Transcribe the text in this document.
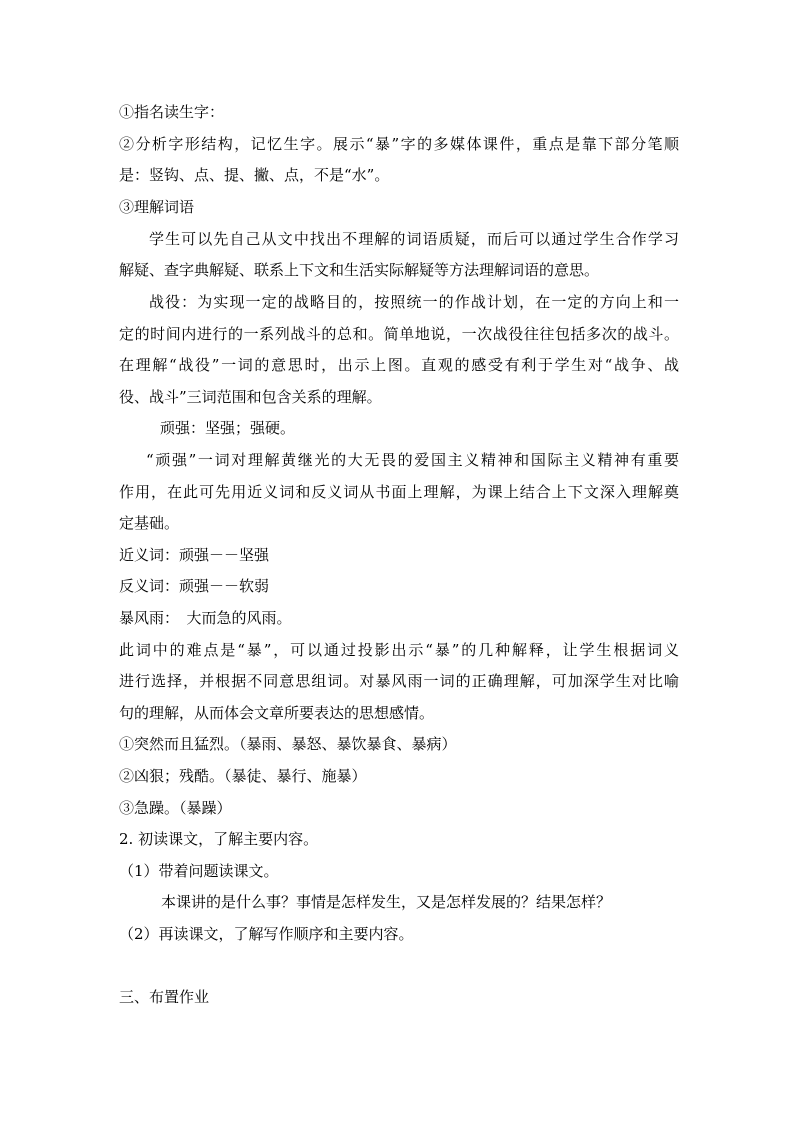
①指名读生字：
②分析字形结构，记忆生字。展示“暴”字的多媒体课件，重点是靠下部分笔顺
是：竖钩、点、提、撇、点，不是“水”。
③理解词语
学生可以先自己从文中找出不理解的词语质疑，而后可以通过学生合作学习
解疑、查字典解疑、联系上下文和生活实际解疑等方法理解词语的意思。
战役：为实现一定的战略目的，按照统一的作战计划，在一定的方向上和一
定的时间内进行的一系列战斗的总和。简单地说，一次战役往往包括多次的战斗。
在理解“战役”一词的意思时，出示上图。直观的感受有利于学生对“战争、战
役、战斗”三词范围和包含关系的理解。
顽强：坚强；强硬。
“顽强”一词对理解黄继光的大无畏的爱国主义精神和国际主义精神有重要
作用，在此可先用近义词和反义词从书面上理解，为课上结合上下文深入理解奠
定基础。
近义词：顽强－－坚强
反义词：顽强－－软弱
暴风雨：　大而急的风雨。
此词中的难点是“暴”，可以通过投影出示“暴”的几种解释，让学生根据词义
进行选择，并根据不同意思组词。对暴风雨一词的正确理解，可加深学生对比喻
句的理解，从而体会文章所要表达的思想感情。
①突然而且猛烈。（暴雨、暴怒、暴饮暴食、暴病）
②凶狠；残酷。（暴徒、暴行、施暴）
③急躁。（暴躁）
2. 初读课文，了解主要内容。
（1）带着问题读课文。
本课讲的是什么事？事情是怎样发生，又是怎样发展的？结果怎样？
（2）再读课文，了解写作顺序和主要内容。
三、布置作业
